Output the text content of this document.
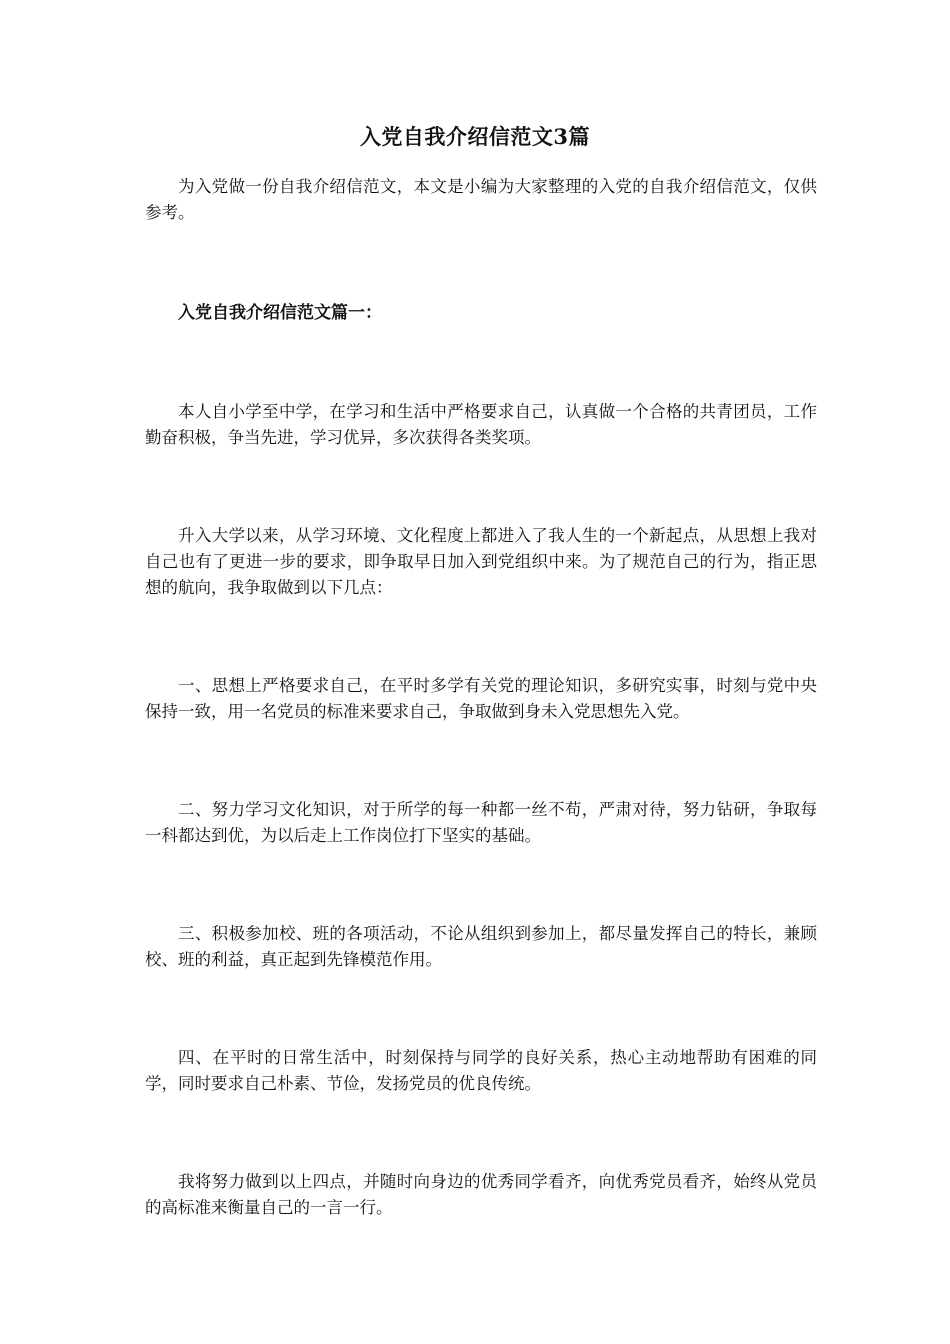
入党自我介绍信范文3篇

为入党做一份自我介绍信范文，本文是小编为大家整理的入党的自我介绍信范文，仅供参考。

入党自我介绍信范文篇一：

本人自小学至中学，在学习和生活中严格要求自己，认真做一个合格的共青团员，工作勤奋积极，争当先进，学习优异，多次获得各类奖项。

升入大学以来，从学习环境、文化程度上都进入了我人生的一个新起点，从思想上我对自己也有了更进一步的要求，即争取早日加入到党组织中来。为了规范自己的行为，指正思想的航向，我争取做到以下几点：

一、思想上严格要求自己，在平时多学有关党的理论知识，多研究实事，时刻与党中央保持一致，用一名党员的标准来要求自己，争取做到身未入党思想先入党。

二、努力学习文化知识，对于所学的每一种都一丝不苟，严肃对待，努力钻研，争取每一科都达到优，为以后走上工作岗位打下坚实的基础。

三、积极参加校、班的各项活动，不论从组织到参加上，都尽量发挥自己的特长，兼顾校、班的利益，真正起到先锋模范作用。

四、在平时的日常生活中，时刻保持与同学的良好关系，热心主动地帮助有困难的同学，同时要求自己朴素、节俭，发扬党员的优良传统。

我将努力做到以上四点，并随时向身边的优秀同学看齐，向优秀党员看齐，始终从党员的高标准来衡量自己的一言一行。
